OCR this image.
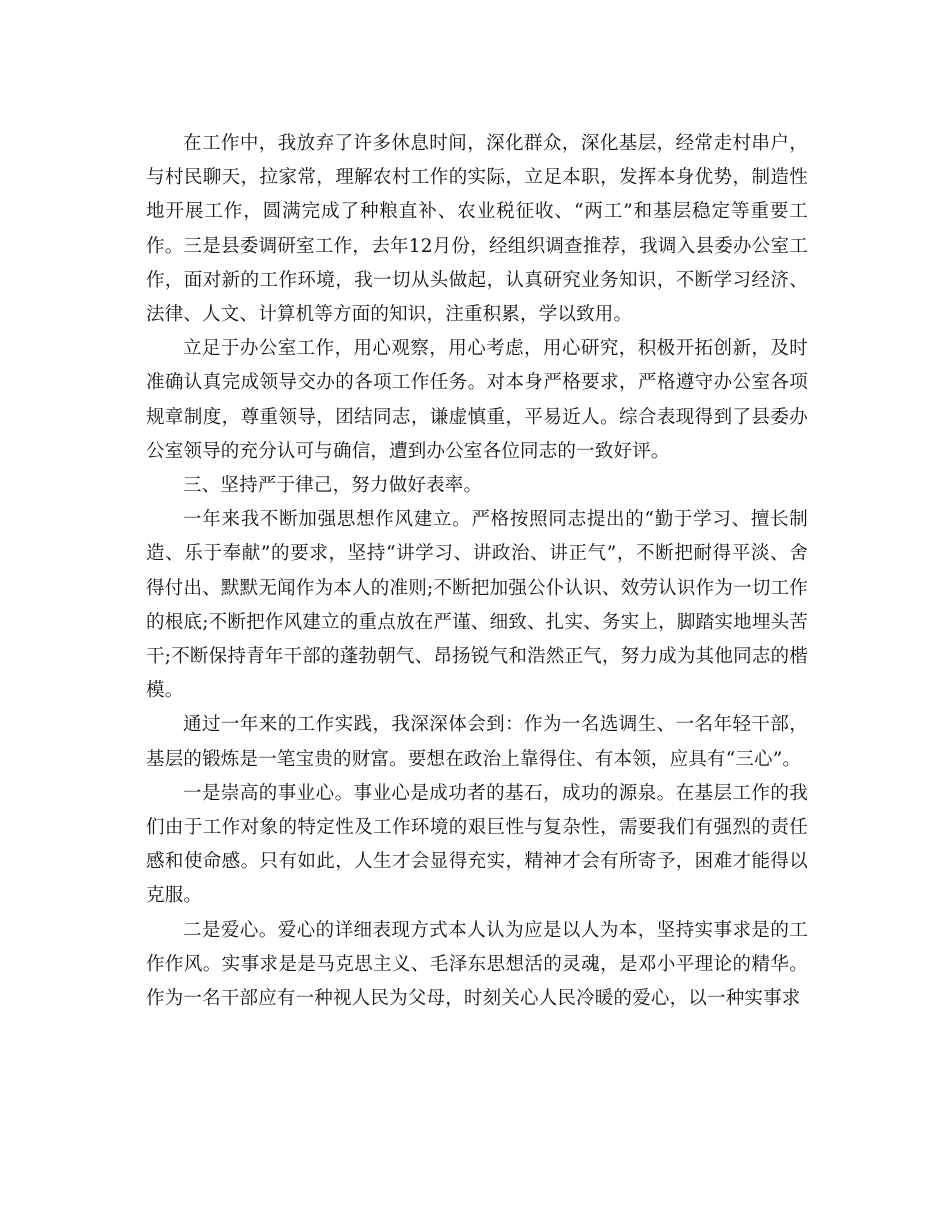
在工作中，我放弃了许多休息时间，深化群众，深化基层，经常走村串户，与村民聊天，拉家常，理解农村工作的实际，立足本职，发挥本身优势，制造性地开展工作，圆满完成了种粮直补、农业税征收、“两工”和基层稳定等重要工作。三是县委调研室工作，去年12月份，经组织调查推荐，我调入县委办公室工作，面对新的工作环境，我一切从头做起，认真研究业务知识，不断学习经济、法律、人文、计算机等方面的知识，注重积累，学以致用。

立足于办公室工作，用心观察，用心考虑，用心研究，积极开拓创新，及时准确认真完成领导交办的各项工作任务。对本身严格要求，严格遵守办公室各项规章制度，尊重领导，团结同志，谦虚慎重，平易近人。综合表现得到了县委办公室领导的充分认可与确信，遭到办公室各位同志的一致好评。

三、坚持严于律己，努力做好表率。

一年来我不断加强思想作风建立。严格按照同志提出的“勤于学习、擅长制造、乐于奉献”的要求，坚持“讲学习、讲政治、讲正气”，不断把耐得平淡、舍得付出、默默无闻作为本人的准则;不断把加强公仆认识、效劳认识作为一切工作的根底;不断把作风建立的重点放在严谨、细致、扎实、务实上，脚踏实地埋头苦干;不断保持青年干部的蓬勃朝气、昂扬锐气和浩然正气，努力成为其他同志的楷模。

通过一年来的工作实践，我深深体会到：作为一名选调生、一名年轻干部，基层的锻炼是一笔宝贵的财富。要想在政治上靠得住、有本领，应具有“三心”。

一是崇高的事业心。事业心是成功者的基石，成功的源泉。在基层工作的我们由于工作对象的特定性及工作环境的艰巨性与复杂性，需要我们有强烈的责任感和使命感。只有如此，人生才会显得充实，精神才会有所寄予，困难才能得以克服。

二是爱心。爱心的详细表现方式本人认为应是以人为本，坚持实事求是的工作作风。实事求是是马克思主义、毛泽东思想活的灵魂，是邓小平理论的精华。作为一名干部应有一种视人民为父母，时刻关心人民冷暖的爱心，以一种实事求
